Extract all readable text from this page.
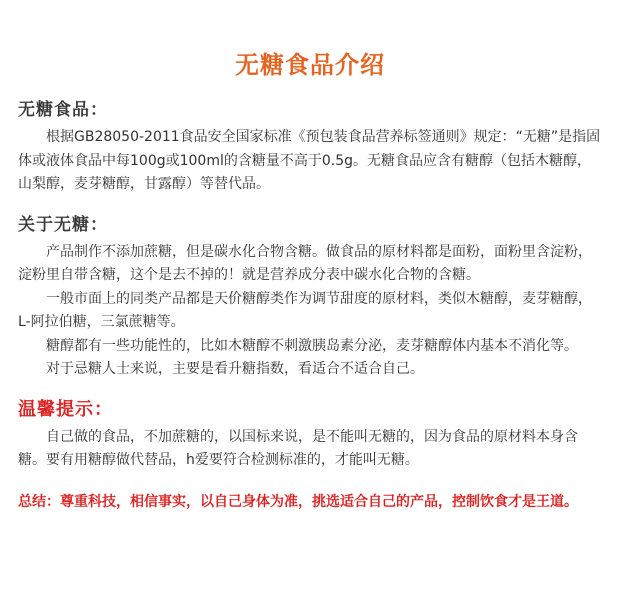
无糖食品介绍
无糖食品：

根据GB28050-2011食品安全国家标准《预包装食品营养标签通则》规定：“无糖”是指固体或液体食品中每100g或100ml的含糖量不高于0.5g。无糖食品应含有糖醇（包括木糖醇，山梨醇，麦芽糖醇，甘露醇）等替代品。

关于无糖：

产品制作不添加蔗糖，但是碳水化合物含糖。做食品的原材料都是面粉，面粉里含淀粉，淀粉里自带含糖，这个是去不掉的！就是营养成分表中碳水化合物的含糖。

一般市面上的同类产品都是天价糖醇类作为调节甜度的原材料，类似木糖醇，麦芽糖醇，L-阿拉伯糖，三氯蔗糖等。

糖醇都有一些功能性的，比如木糖醇不刺激胰岛素分泌，麦芽糖醇体内基本不消化等。

对于忌糖人士来说，主要是看升糖指数，看适合不适合自己。

温馨提示：

自己做的食品，不加蔗糖的，以国标来说，是不能叫无糖的，因为食品的原材料本身含糖。要有用糖醇做代替品，h爱要符合检测标准的，才能叫无糖。

总结：尊重科技，相信事实，以自己身体为准，挑选适合自己的产品，控制饮食才是王道。
